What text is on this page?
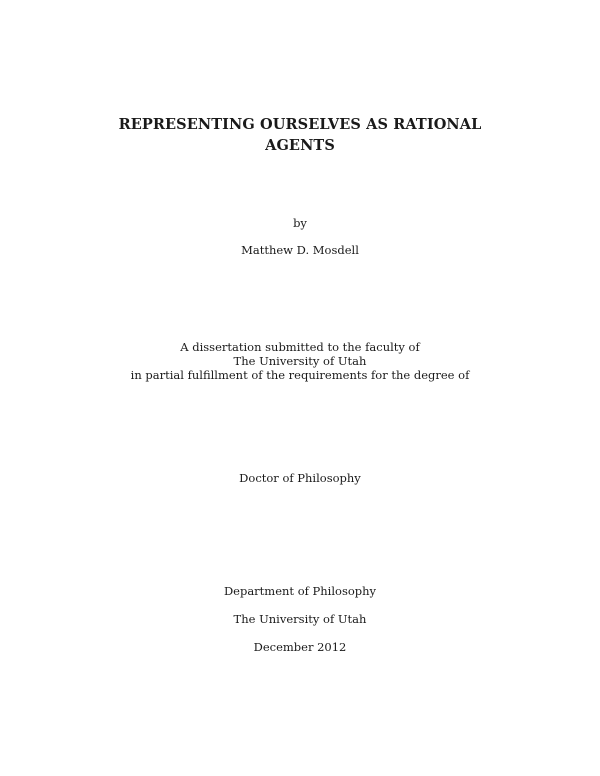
REPRESENTING OURSELVES AS RATIONAL
AGENTS
by
Matthew D. Mosdell
A dissertation submitted to the faculty of
The University of Utah
in partial fulfillment of the requirements for the degree of
Doctor of Philosophy
Department of Philosophy
The University of Utah
December 2012
